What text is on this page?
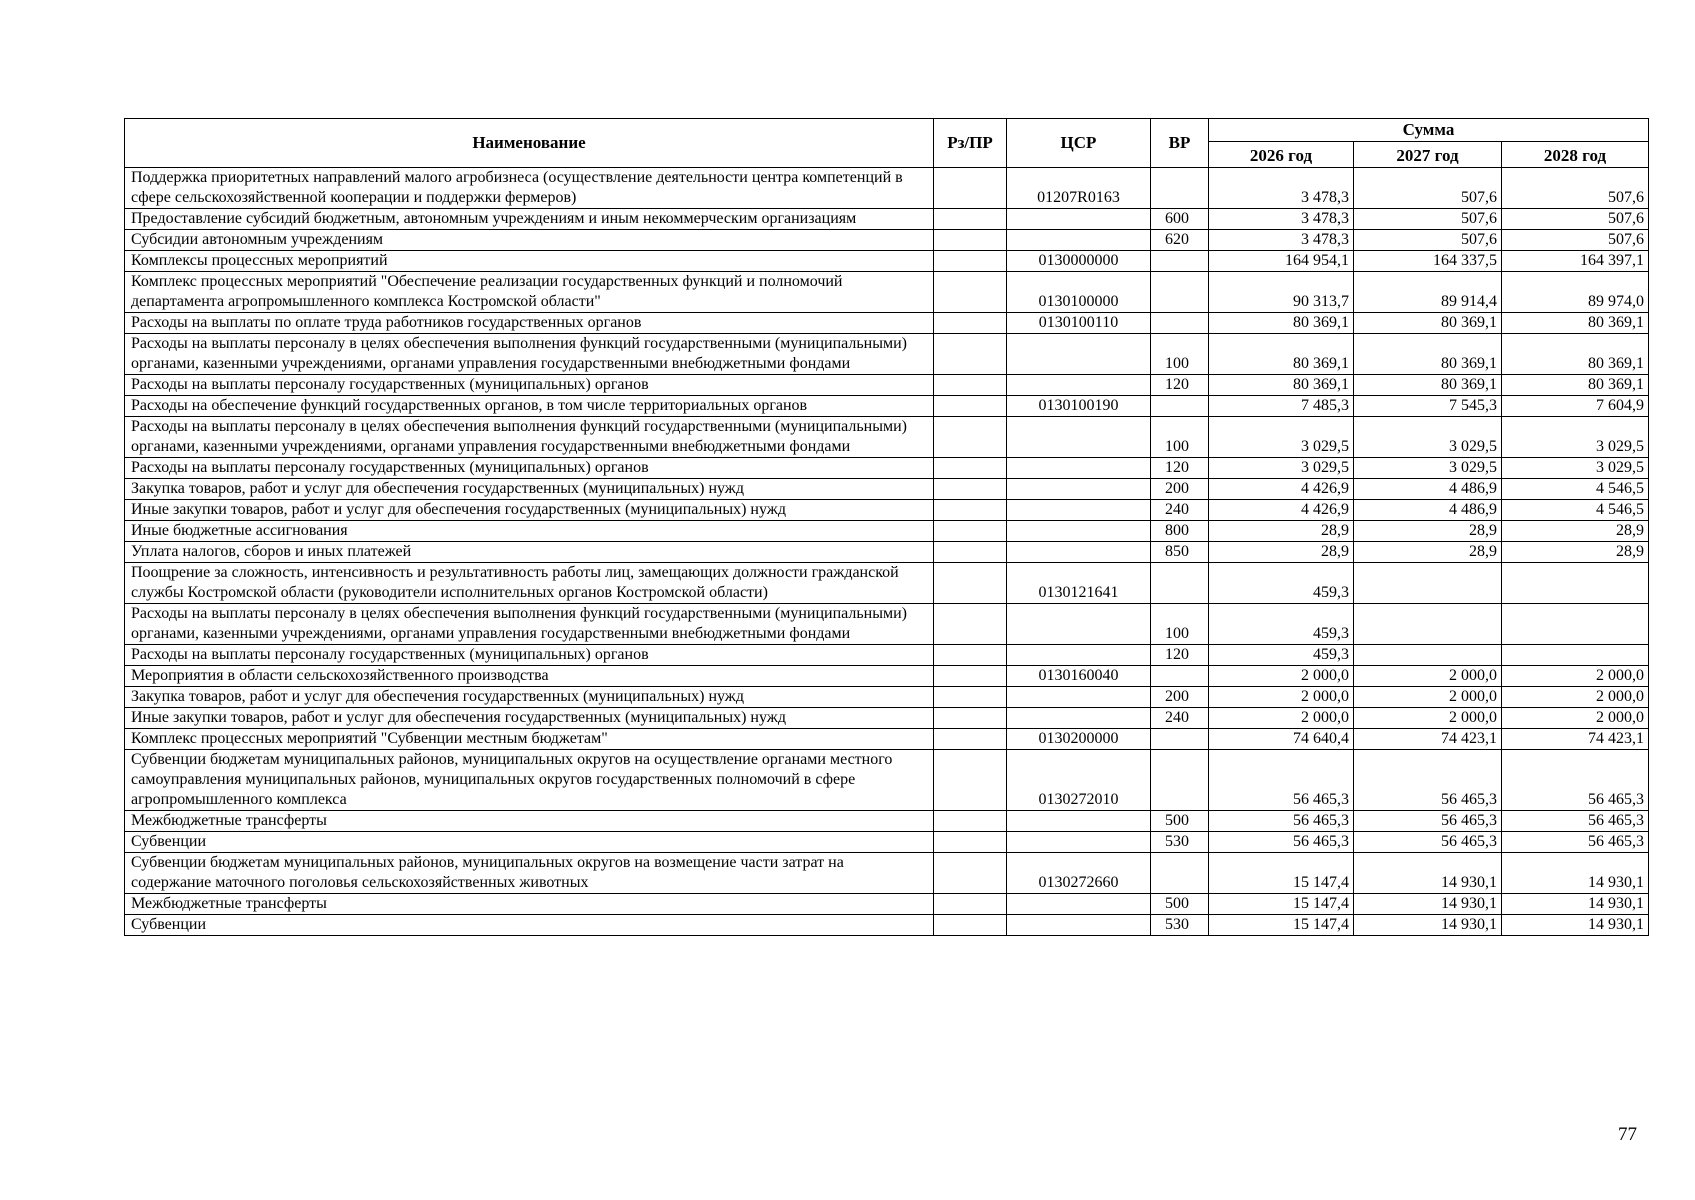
Наименование	Рз/ПР	ЦСР	ВР	Сумма		
				2026 год	2027 год	2028 год
Поддержка приоритетных направлений малого агробизнеса (осуществление деятельности центра компетенций в сфере сельскохозяйственной кооперации и поддержки фермеров)		01207R0163		3 478,3	507,6	507,6
Предоставление субсидий бюджетным, автономным учреждениям и иным некоммерческим организациям			600	3 478,3	507,6	507,6
Субсидии автономным учреждениям			620	3 478,3	507,6	507,6
Комплексы процессных мероприятий		0130000000		164 954,1	164 337,5	164 397,1
Комплекс процессных мероприятий "Обеспечение реализации государственных функций и полномочий департамента агропромышленного комплекса Костромской области"		0130100000		90 313,7	89 914,4	89 974,0
Расходы на выплаты по оплате труда работников государственных органов		0130100110		80 369,1	80 369,1	80 369,1
Расходы на выплаты персоналу в целях обеспечения выполнения функций государственными (муниципальными) органами, казенными учреждениями, органами управления государственными внебюджетными фондами			100	80 369,1	80 369,1	80 369,1
Расходы на выплаты персоналу государственных (муниципальных) органов			120	80 369,1	80 369,1	80 369,1
Расходы на обеспечение функций государственных органов, в том числе территориальных органов		0130100190		7 485,3	7 545,3	7 604,9
Расходы на выплаты персоналу в целях обеспечения выполнения функций государственными (муниципальными) органами, казенными учреждениями, органами управления государственными внебюджетными фондами			100	3 029,5	3 029,5	3 029,5
Расходы на выплаты персоналу государственных (муниципальных) органов			120	3 029,5	3 029,5	3 029,5
Закупка товаров, работ и услуг для обеспечения государственных (муниципальных) нужд			200	4 426,9	4 486,9	4 546,5
Иные закупки товаров, работ и услуг для обеспечения государственных (муниципальных) нужд			240	4 426,9	4 486,9	4 546,5
Иные бюджетные ассигнования			800	28,9	28,9	28,9
Уплата налогов, сборов и иных платежей			850	28,9	28,9	28,9
Поощрение за сложность, интенсивность и результативность работы лиц, замещающих должности гражданской службы Костромской области (руководители исполнительных органов Костромской области)		0130121641		459,3		
Расходы на выплаты персоналу в целях обеспечения выполнения функций государственными (муниципальными) органами, казенными учреждениями, органами управления государственными внебюджетными фондами			100	459,3		
Расходы на выплаты персоналу государственных (муниципальных) органов			120	459,3		
Мероприятия в области сельскохозяйственного производства		0130160040		2 000,0	2 000,0	2 000,0
Закупка товаров, работ и услуг для обеспечения государственных (муниципальных) нужд			200	2 000,0	2 000,0	2 000,0
Иные закупки товаров, работ и услуг для обеспечения государственных (муниципальных) нужд			240	2 000,0	2 000,0	2 000,0
Комплекс процессных мероприятий "Субвенции местным бюджетам"		0130200000		74 640,4	74 423,1	74 423,1
Субвенции бюджетам муниципальных районов, муниципальных округов на осуществление органами местного самоуправления муниципальных районов, муниципальных округов государственных полномочий в сфере агропромышленного комплекса		0130272010		56 465,3	56 465,3	56 465,3
Межбюджетные трансферты			500	56 465,3	56 465,3	56 465,3
Субвенции			530	56 465,3	56 465,3	56 465,3
Субвенции бюджетам муниципальных районов, муниципальных округов на возмещение части затрат на содержание маточного поголовья сельскохозяйственных животных		0130272660		15 147,4	14 930,1	14 930,1
Межбюджетные трансферты			500	15 147,4	14 930,1	14 930,1
Субвенции			530	15 147,4	14 930,1	14 930,1
77
